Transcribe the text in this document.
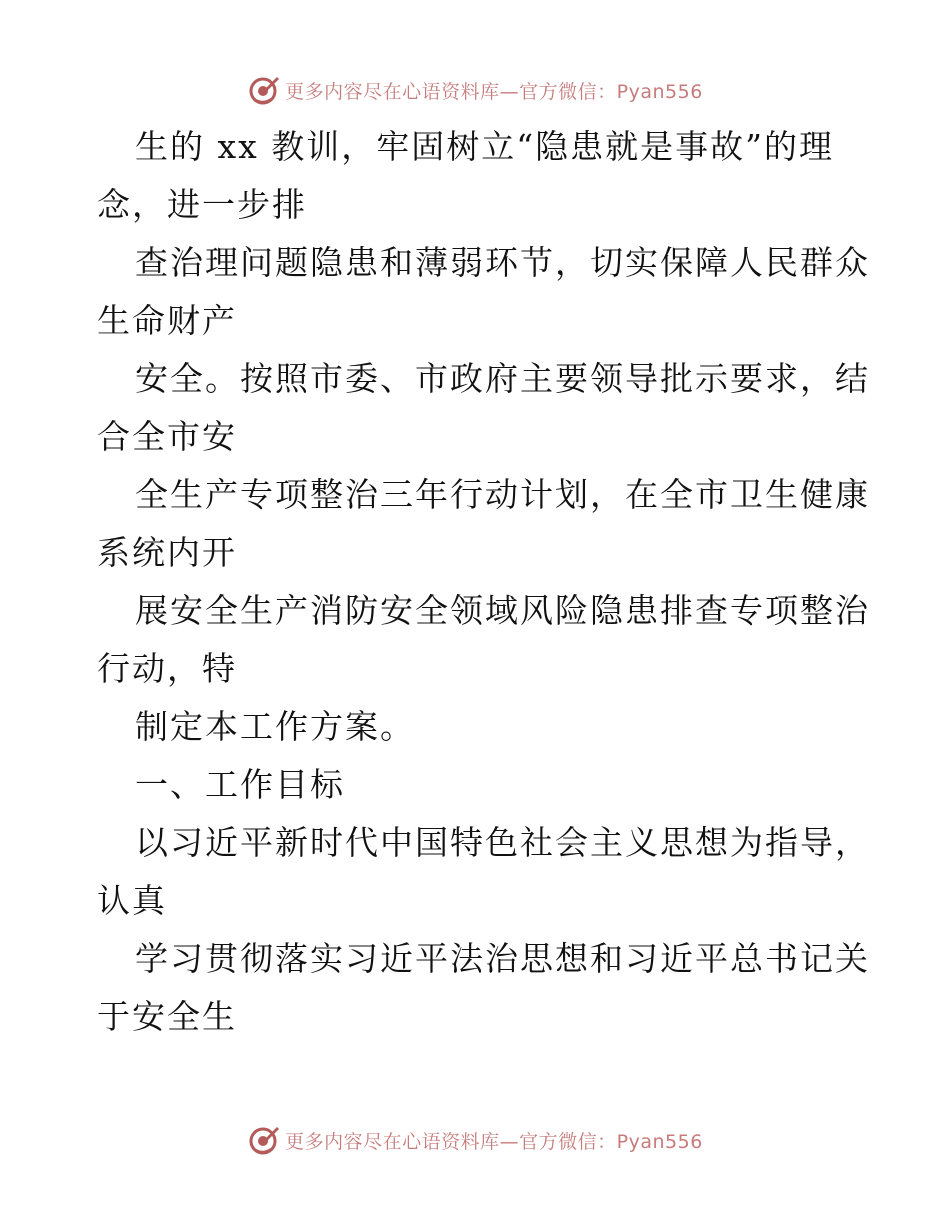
更多内容尽在心语资料库—官方微信：Pyan556
生的 xx 教训，牢固树立“隐患就是事故”的理
念，进一步排
查治理问题隐患和薄弱环节，切实保障人民群众
生命财产
安全。按照市委、市政府主要领导批示要求，结
合全市安
全生产专项整治三年行动计划，在全市卫生健康
系统内开
展安全生产消防安全领域风险隐患排查专项整治
行动，特
制定本工作方案。
一、工作目标
以习近平新时代中国特色社会主义思想为指导，
认真
学习贯彻落实习近平法治思想和习近平总书记关
于安全生
更多内容尽在心语资料库—官方微信：Pyan556
